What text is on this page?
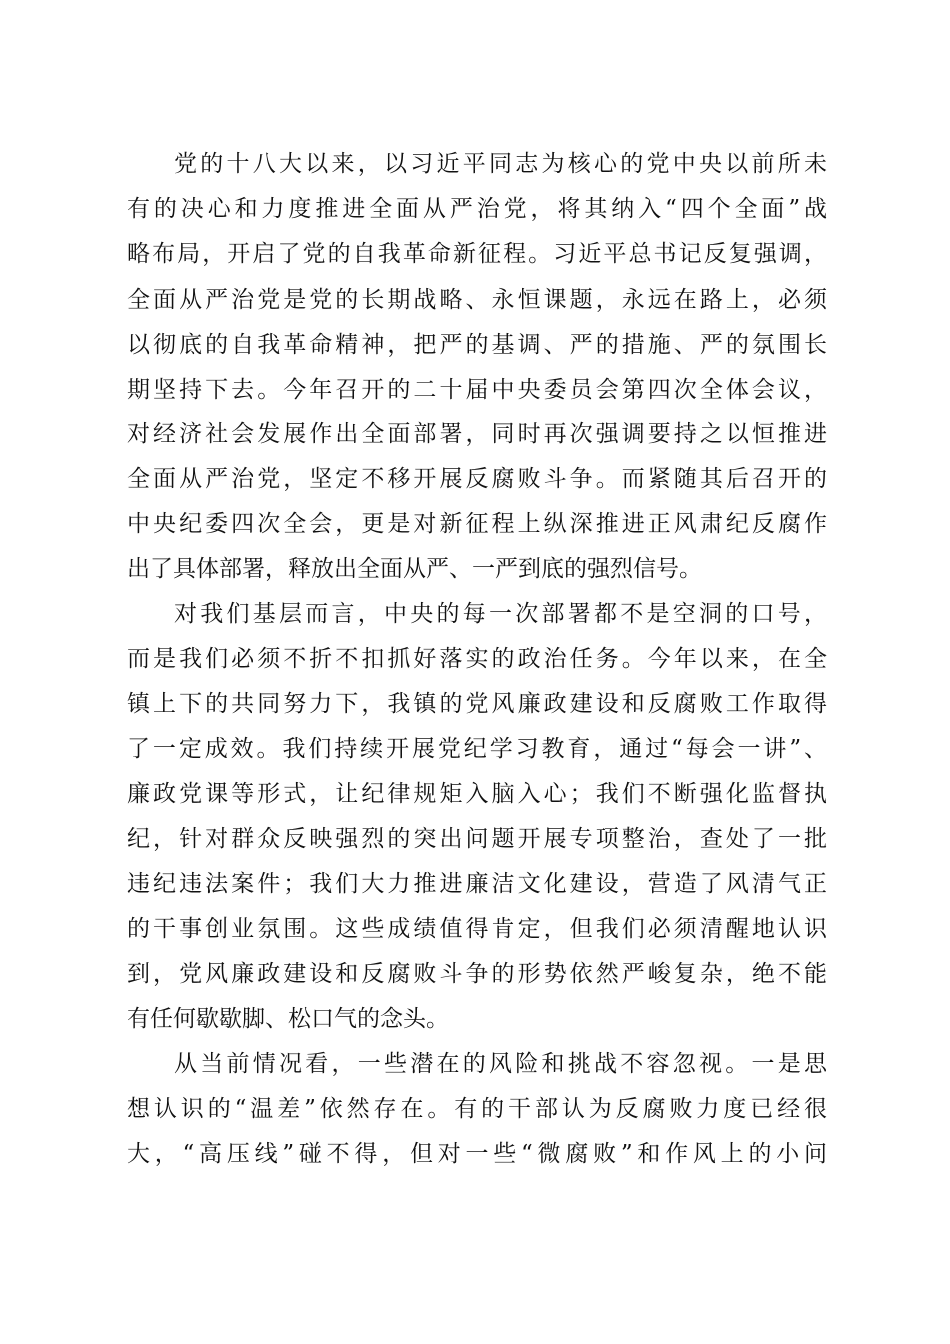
党的十八大以来，以习近平同志为核心的党中央以前所未
有的决心和力度推进全面从严治党，将其纳入“四个全面”战
略布局，开启了党的自我革命新征程。习近平总书记反复强调，
全面从严治党是党的长期战略、永恒课题，永远在路上，必须
以彻底的自我革命精神，把严的基调、严的措施、严的氛围长
期坚持下去。今年召开的二十届中央委员会第四次全体会议，
对经济社会发展作出全面部署，同时再次强调要持之以恒推进
全面从严治党，坚定不移开展反腐败斗争。而紧随其后召开的
中央纪委四次全会，更是对新征程上纵深推进正风肃纪反腐作
出了具体部署，释放出全面从严、一严到底的强烈信号。
对我们基层而言，中央的每一次部署都不是空洞的口号，
而是我们必须不折不扣抓好落实的政治任务。今年以来，在全
镇上下的共同努力下，我镇的党风廉政建设和反腐败工作取得
了一定成效。我们持续开展党纪学习教育，通过“每会一讲”、
廉政党课等形式，让纪律规矩入脑入心；我们不断强化监督执
纪，针对群众反映强烈的突出问题开展专项整治，查处了一批
违纪违法案件；我们大力推进廉洁文化建设，营造了风清气正
的干事创业氛围。这些成绩值得肯定，但我们必须清醒地认识
到，党风廉政建设和反腐败斗争的形势依然严峻复杂，绝不能
有任何歇歇脚、松口气的念头。
从当前情况看，一些潜在的风险和挑战不容忽视。一是思
想认识的“温差”依然存在。有的干部认为反腐败力度已经很
大，“高压线”碰不得，但对一些“微腐败”和作风上的小问
